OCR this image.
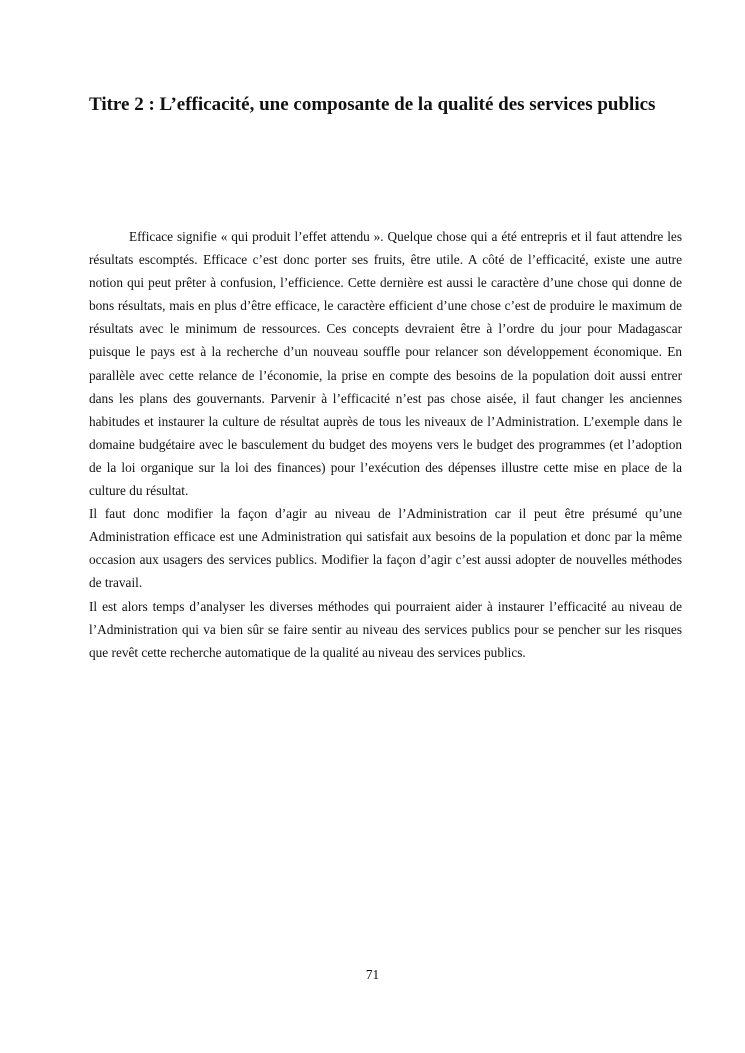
Titre 2 : L’efficacité, une composante de la qualité des services publics

Efficace signifie « qui produit l’effet attendu ». Quelque chose qui a été entrepris et il faut attendre les résultats escomptés. Efficace c’est donc porter ses fruits, être utile. A côté de l’efficacité, existe une autre notion qui peut prêter à confusion, l’efficience. Cette dernière est aussi le caractère d’une chose qui donne de bons résultats, mais en plus d’être efficace, le caractère efficient d’une chose c’est de produire le maximum de résultats avec le minimum de ressources. Ces concepts devraient être à l’ordre du jour pour Madagascar puisque le pays est à la recherche d’un nouveau souffle pour relancer son développement économique. En parallèle avec cette relance de l’économie, la prise en compte des besoins de la population doit aussi entrer dans les plans des gouvernants. Parvenir à l’efficacité n’est pas chose aisée, il faut changer les anciennes habitudes et instaurer la culture de résultat auprès de tous les niveaux de l’Administration. L’exemple dans le domaine budgétaire avec le basculement du budget des moyens vers le budget des programmes (et l’adoption de la loi organique sur la loi des finances) pour l’exécution des dépenses illustre cette mise en place de la culture du résultat.

Il faut donc modifier la façon d’agir au niveau de l’Administration car il peut être présumé qu’une Administration efficace est une Administration qui satisfait aux besoins de la population et donc par la même occasion aux usagers des services publics. Modifier la façon d’agir c’est aussi adopter de nouvelles méthodes de travail.

Il est alors temps d’analyser les diverses méthodes qui pourraient aider à instaurer l’efficacité au niveau de l’Administration qui va bien sûr se faire sentir au niveau des services publics pour se pencher sur les risques que revêt cette recherche automatique de la qualité au niveau des services publics.

71
